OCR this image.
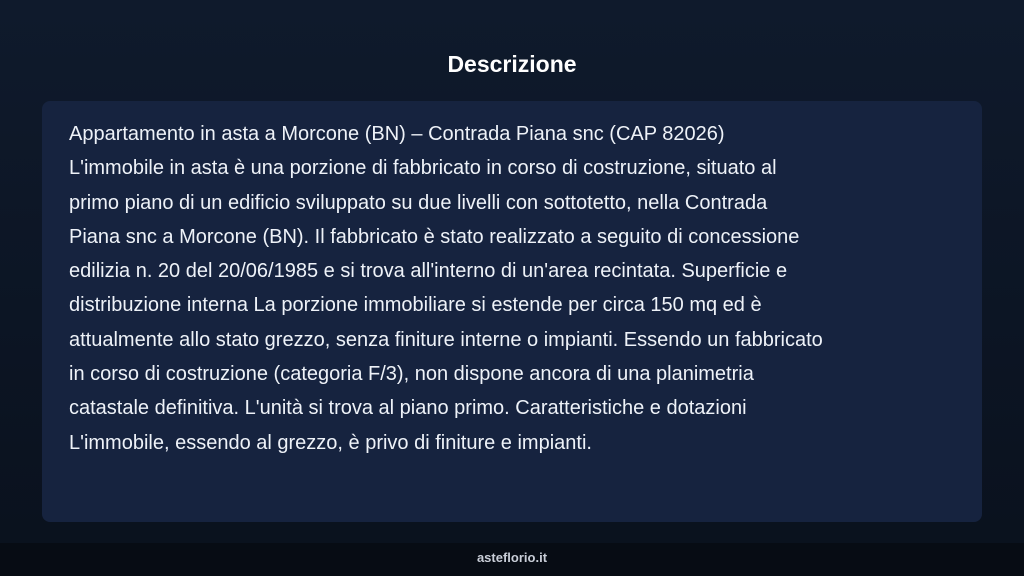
Descrizione

Appartamento in asta a Morcone (BN) – Contrada Piana snc (CAP 82026)
L'immobile in asta è una porzione di fabbricato in corso di costruzione, situato al
primo piano di un edificio sviluppato su due livelli con sottotetto, nella Contrada
Piana snc a Morcone (BN). Il fabbricato è stato realizzato a seguito di concessione
edilizia n. 20 del 20/06/1985 e si trova all'interno di un'area recintata. Superficie e
distribuzione interna La porzione immobiliare si estende per circa 150 mq ed è
attualmente allo stato grezzo, senza finiture interne o impianti. Essendo un fabbricato
in corso di costruzione (categoria F/3), non dispone ancora di una planimetria
catastale definitiva. L'unità si trova al piano primo. Caratteristiche e dotazioni
L'immobile, essendo al grezzo, è privo di finiture e impianti.

asteflorio.it
